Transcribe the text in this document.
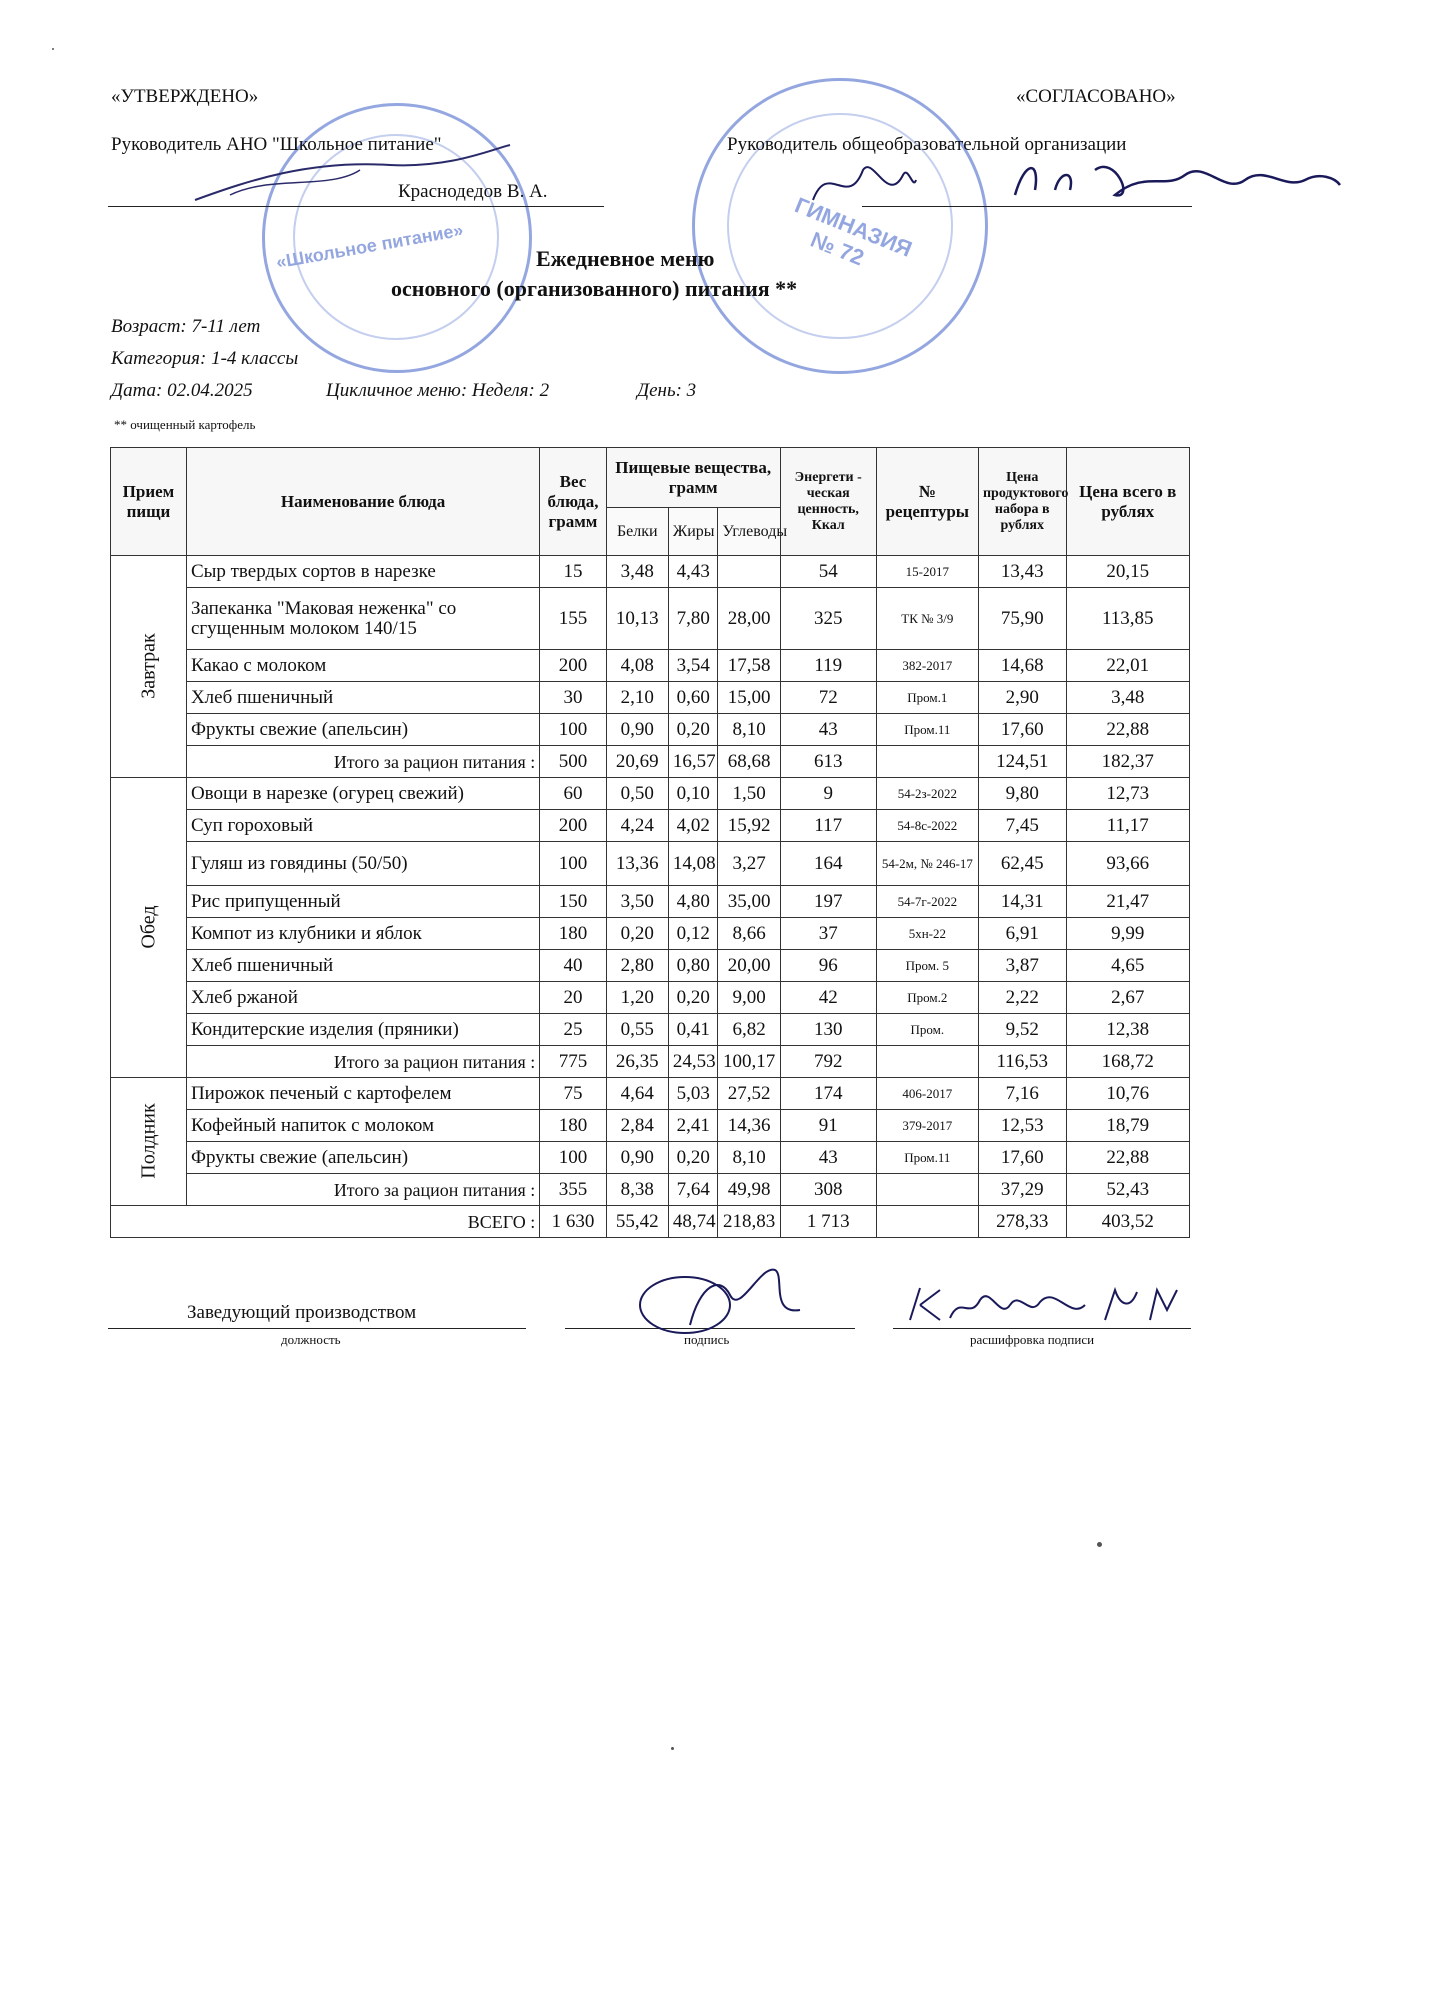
«Школьное питание»	ГИМНАЗИЯ № 72
«УТВЕРЖДЕНО»
Руководитель АНО "Школьное питание"
Краснодедов В. А.
«СОГЛАСОВАНО»
Руководитель общеобразовательной организации
Ежедневное меню
основного (организованного) питания **
Возраст: 7-11 лет
Категория: 1-4 классы
Дата: 02.04.2025	Цикличное меню: Неделя: 2	День: 3
** очищенный картофель
Прием пищи	Наименование блюда	Вес блюда, грамм	Пищевые вещества, грамм			Энергети - ческая ценность, Ккал	№ рецептуры	Цена продуктового набора в рублях	Цена всего в рублях
			Белки	Жиры	Углеводы				
Завтрак	Сыр твердых сортов в нарезке	15	3,48	4,43		54	15-2017	13,43	20,15
	Запеканка "Маковая неженка" со сгущенным молоком 140/15	155	10,13	7,80	28,00	325	ТК № 3/9	75,90	113,85
	Какао с молоком	200	4,08	3,54	17,58	119	382-2017	14,68	22,01
	Хлеб пшеничный	30	2,10	0,60	15,00	72	Пром.1	2,90	3,48
	Фрукты свежие (апельсин)	100	0,90	0,20	8,10	43	Пром.11	17,60	22,88
	Итого за рацион питания :	500	20,69	16,57	68,68	613		124,51	182,37
Обед	Овощи в нарезке (огурец свежий)	60	0,50	0,10	1,50	9	54-2з-2022	9,80	12,73
	Суп гороховый	200	4,24	4,02	15,92	117	54-8с-2022	7,45	11,17
	Гуляш из говядины (50/50)	100	13,36	14,08	3,27	164	54-2м, № 246-17	62,45	93,66
	Рис припущенный	150	3,50	4,80	35,00	197	54-7г-2022	14,31	21,47
	Компот из клубники и яблок	180	0,20	0,12	8,66	37	5хн-22	6,91	9,99
	Хлеб пшеничный	40	2,80	0,80	20,00	96	Пром. 5	3,87	4,65
	Хлеб ржаной	20	1,20	0,20	9,00	42	Пром.2	2,22	2,67
	Кондитерские изделия (пряники)	25	0,55	0,41	6,82	130	Пром.	9,52	12,38
	Итого за рацион питания :	775	26,35	24,53	100,17	792		116,53	168,72
Полдник	Пирожок печеный с картофелем	75	4,64	5,03	27,52	174	406-2017	7,16	10,76
	Кофейный напиток с молоком	180	2,84	2,41	14,36	91	379-2017	12,53	18,79
	Фрукты свежие (апельсин)	100	0,90	0,20	8,10	43	Пром.11	17,60	22,88
	Итого за рацион питания :	355	8,38	7,64	49,98	308		37,29	52,43
ВСЕГО :		1 630	55,42	48,74	218,83	1 713		278,33	403,52
Заведующий производством
должность	подпись	расшифровка подписи
